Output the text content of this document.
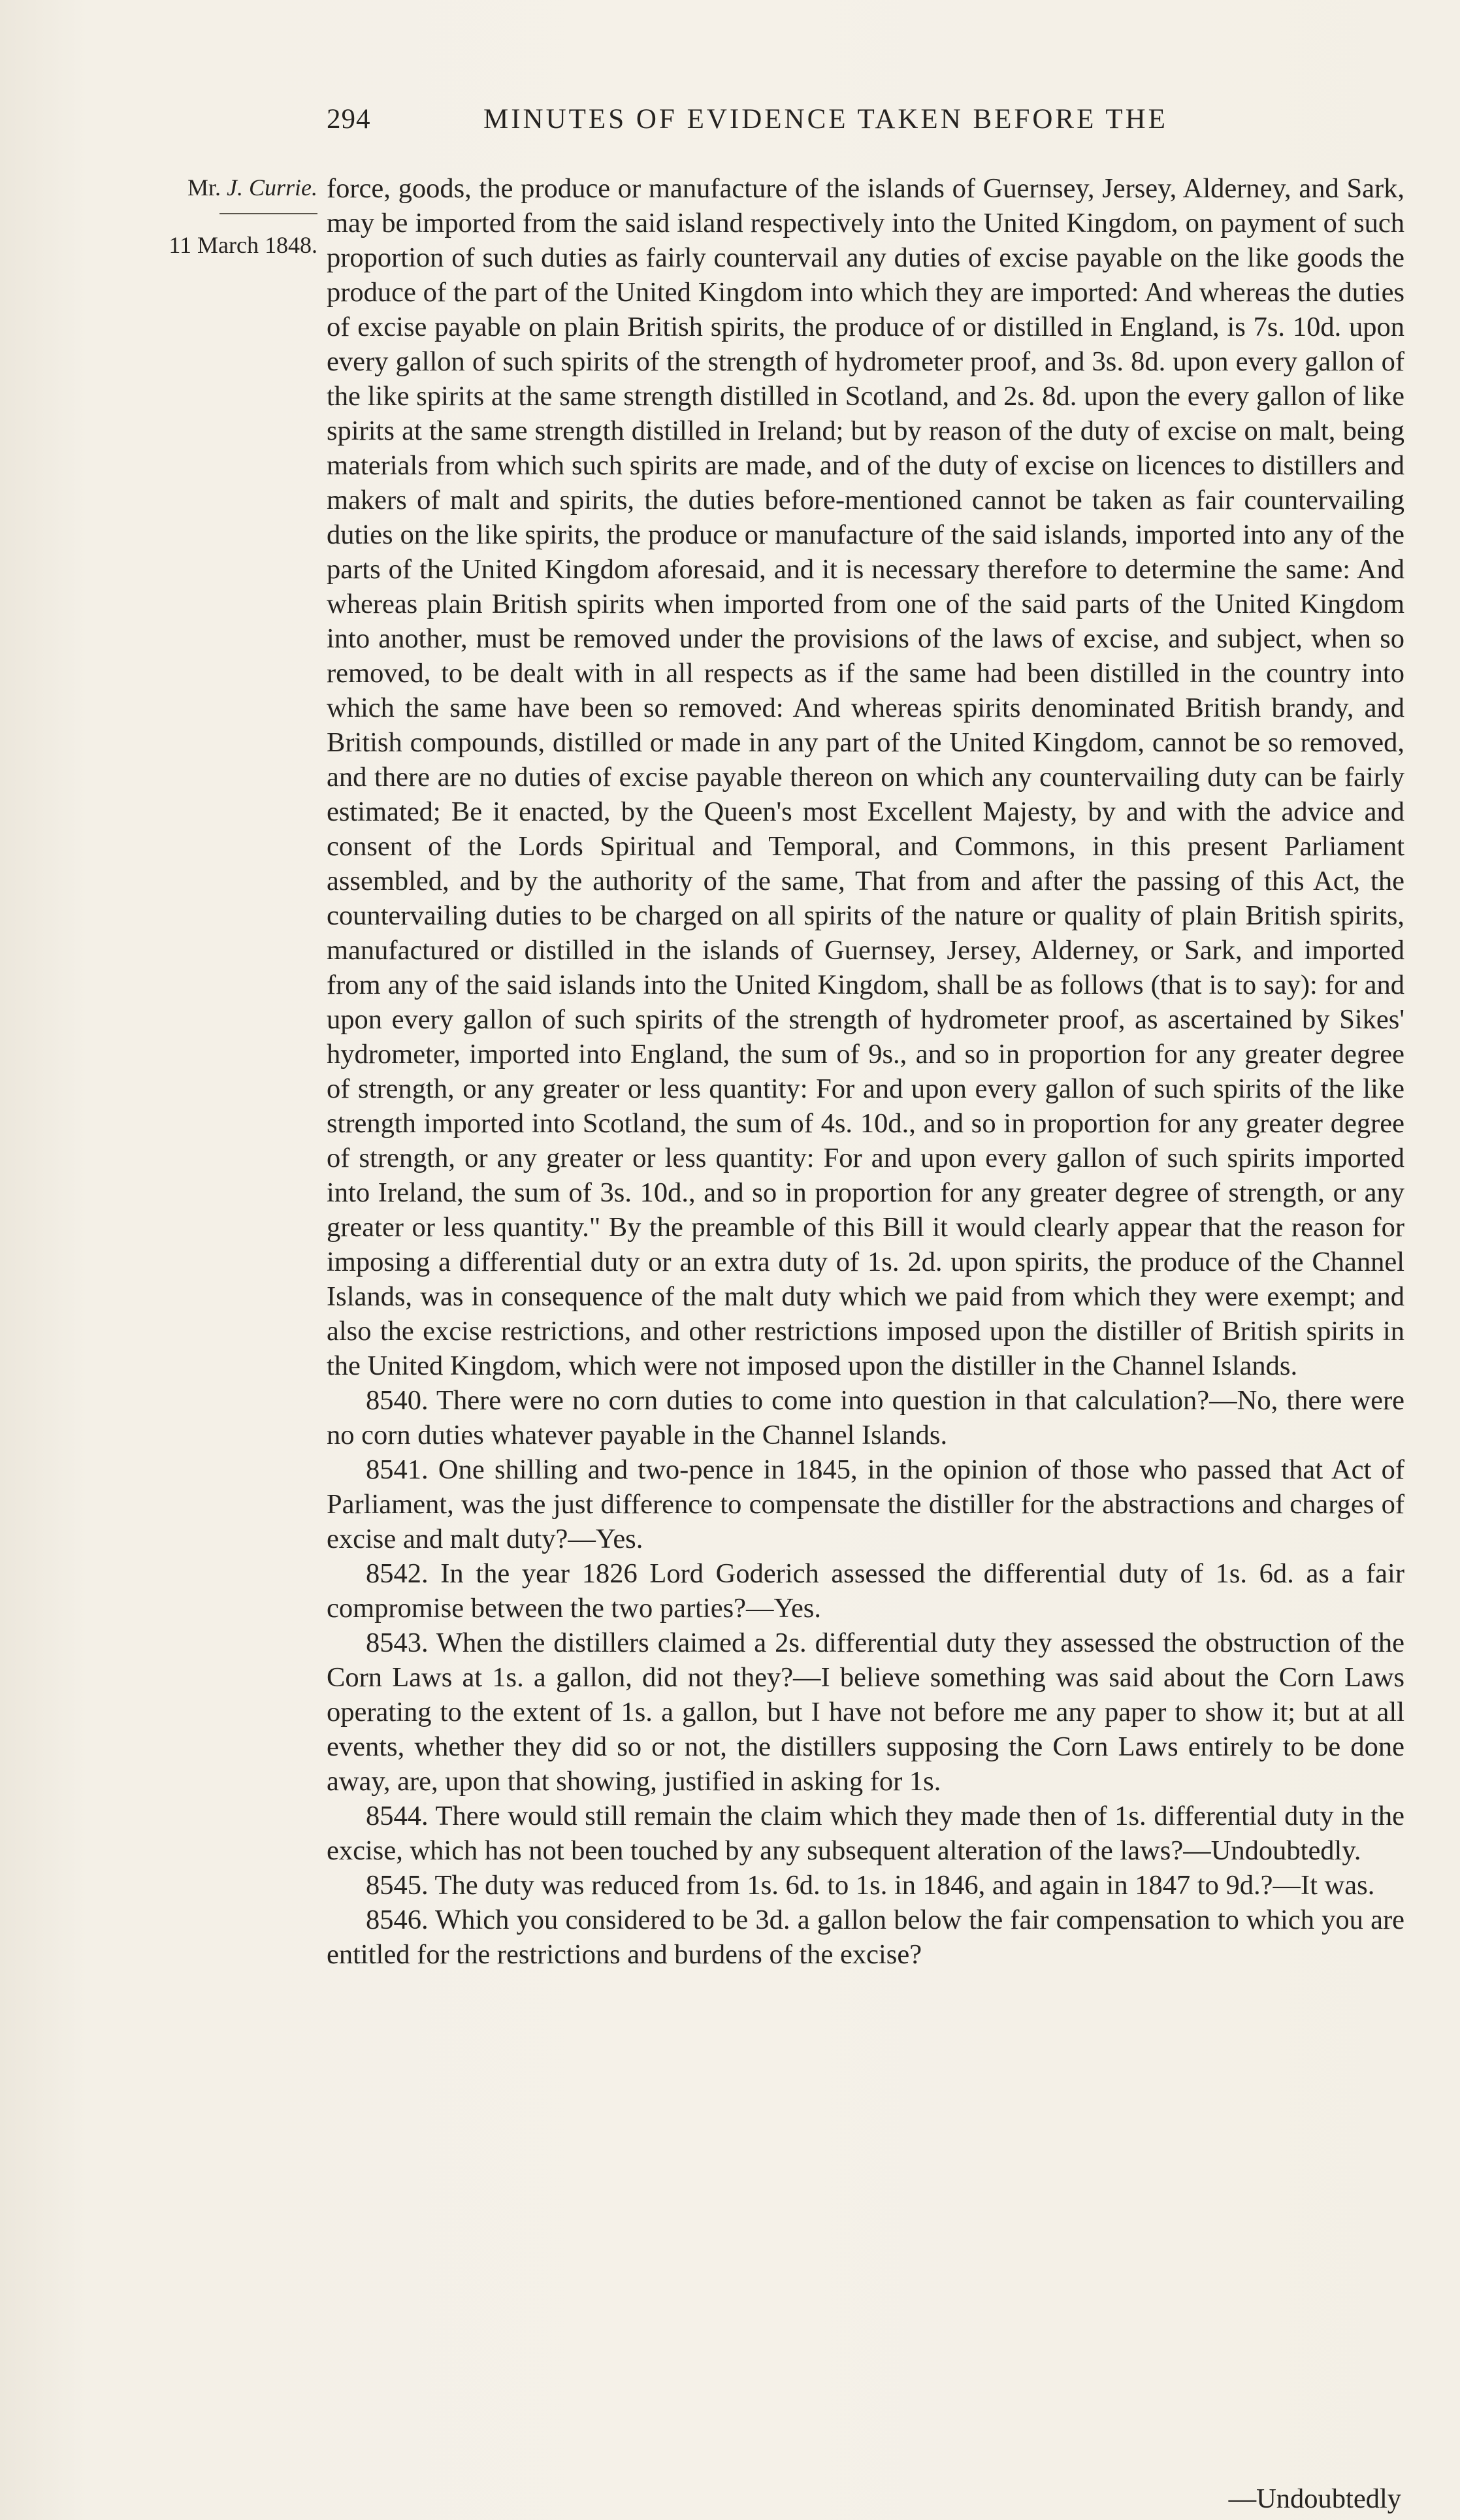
294	MINUTES OF EVIDENCE TAKEN BEFORE THE
Mr. J. Currie.
11 March 1848.

force, goods, the produce or manufacture of the islands of Guernsey, Jersey, Alderney, and Sark, may be imported from the said island respectively into the United Kingdom, on payment of such proportion of such duties as fairly countervail any duties of excise payable on the like goods the produce of the part of the United Kingdom into which they are imported: And whereas the duties of excise payable on plain British spirits, the produce of or distilled in England, is 7s. 10d. upon every gallon of such spirits of the strength of hydrometer proof, and 3s. 8d. upon every gallon of the like spirits at the same strength distilled in Scotland, and 2s. 8d. upon the every gallon of like spirits at the same strength distilled in Ireland; but by reason of the duty of excise on malt, being materials from which such spirits are made, and of the duty of excise on licences to distillers and makers of malt and spirits, the duties before-mentioned cannot be taken as fair countervailing duties on the like spirits, the produce or manufacture of the said islands, imported into any of the parts of the United Kingdom aforesaid, and it is necessary therefore to determine the same: And whereas plain British spirits when imported from one of the said parts of the United Kingdom into another, must be removed under the provisions of the laws of excise, and subject, when so removed, to be dealt with in all respects as if the same had been distilled in the country into which the same have been so removed: And whereas spirits denominated British brandy, and British compounds, distilled or made in any part of the United Kingdom, cannot be so removed, and there are no duties of excise payable thereon on which any countervailing duty can be fairly estimated; Be it enacted, by the Queen's most Excellent Majesty, by and with the advice and consent of the Lords Spiritual and Temporal, and Commons, in this present Parliament assembled, and by the authority of the same, That from and after the passing of this Act, the countervailing duties to be charged on all spirits of the nature or quality of plain British spirits, manufactured or distilled in the islands of Guernsey, Jersey, Alderney, or Sark, and imported from any of the said islands into the United Kingdom, shall be as follows (that is to say): for and upon every gallon of such spirits of the strength of hydrometer proof, as ascertained by Sikes' hydrometer, imported into England, the sum of 9s., and so in proportion for any greater degree of strength, or any greater or less quantity: For and upon every gallon of such spirits of the like strength imported into Scotland, the sum of 4s. 10d., and so in proportion for any greater degree of strength, or any greater or less quantity: For and upon every gallon of such spirits imported into Ireland, the sum of 3s. 10d., and so in proportion for any greater degree of strength, or any greater or less quantity." By the preamble of this Bill it would clearly appear that the reason for imposing a differential duty or an extra duty of 1s. 2d. upon spirits, the produce of the Channel Islands, was in consequence of the malt duty which we paid from which they were exempt; and also the excise restrictions, and other restrictions imposed upon the distiller of British spirits in the United Kingdom, which were not imposed upon the distiller in the Channel Islands.

8540. There were no corn duties to come into question in that calculation?—No, there were no corn duties whatever payable in the Channel Islands.

8541. One shilling and two-pence in 1845, in the opinion of those who passed that Act of Parliament, was the just difference to compensate the distiller for the abstractions and charges of excise and malt duty?—Yes.

8542. In the year 1826 Lord Goderich assessed the differential duty of 1s. 6d. as a fair compromise between the two parties?—Yes.

8543. When the distillers claimed a 2s. differential duty they assessed the obstruction of the Corn Laws at 1s. a gallon, did not they?—I believe something was said about the Corn Laws operating to the extent of 1s. a gallon, but I have not before me any paper to show it; but at all events, whether they did so or not, the distillers supposing the Corn Laws entirely to be done away, are, upon that showing, justified in asking for 1s.

8544. There would still remain the claim which they made then of 1s. differential duty in the excise, which has not been touched by any subsequent alteration of the laws?—Undoubtedly.

8545. The duty was reduced from 1s. 6d. to 1s. in 1846, and again in 1847 to 9d.?—It was.

8546. Which you considered to be 3d. a gallon below the fair compensation to which you are entitled for the restrictions and burdens of the excise?

—Undoubtedly
